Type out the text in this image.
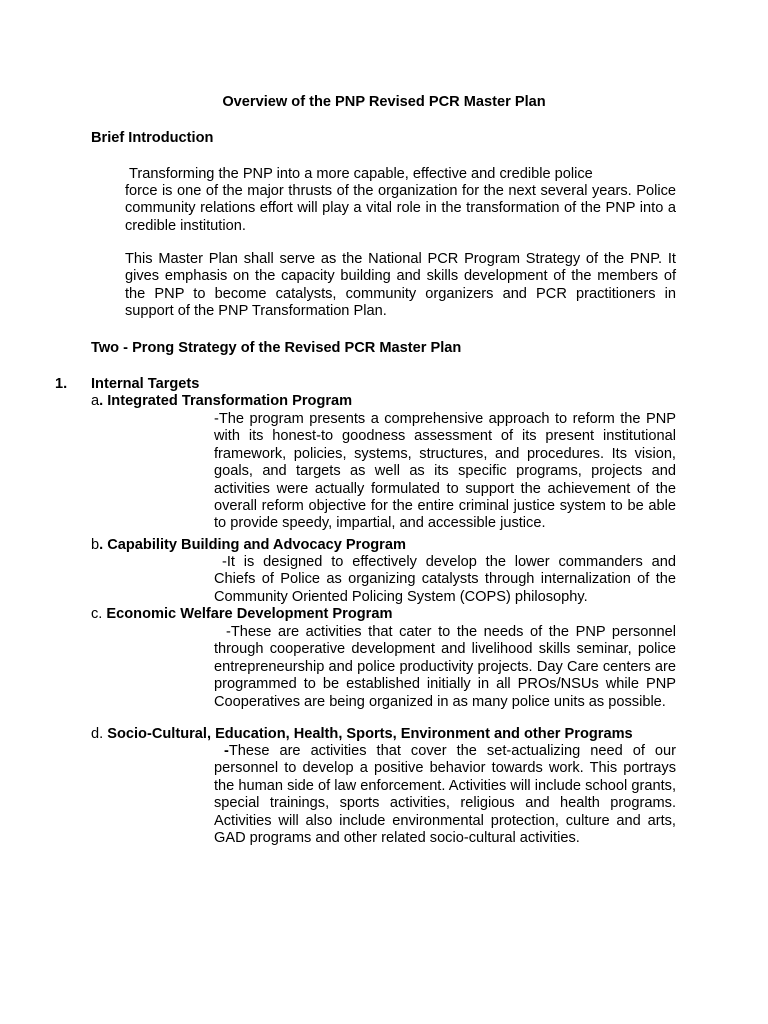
Overview of the PNP Revised PCR Master Plan
Brief Introduction
Transforming the PNP into a more capable, effective and credible police
force is one of the major thrusts of the organization for the next several years. Police community relations effort will play a vital role in the transformation of the PNP into a credible institution.
This Master Plan shall serve as the National PCR Program Strategy of the PNP. It gives emphasis on the capacity building and skills development of the members of the PNP to become catalysts, community organizers and PCR practitioners in support of the PNP Transformation Plan.
Two - Prong Strategy of the Revised PCR Master Plan
1. Internal Targets
a. Integrated Transformation Program
-The program presents a comprehensive approach to reform the PNP with its honest-to goodness assessment of its present institutional framework, policies, systems, structures, and procedures. Its vision, goals, and targets as well as its specific programs, projects and activities were actually formulated to support the achievement of the overall reform objective for the entire criminal justice system to be able to provide speedy, impartial, and accessible justice.
b. Capability Building and Advocacy Program
-It is designed to effectively develop the lower commanders and Chiefs of Police as organizing catalysts through internalization of the Community Oriented Policing System (COPS) philosophy.
c. Economic Welfare Development Program
-These are activities that cater to the needs of the PNP personnel through cooperative development and livelihood skills seminar, police entrepreneurship and police productivity projects. Day Care centers are programmed to be established initially in all PROs/NSUs while PNP Cooperatives are being organized in as many police units as possible.
d. Socio-Cultural, Education, Health, Sports, Environment and other Programs
-These are activities that cover the set-actualizing need of our personnel to develop a positive behavior towards work. This portrays the human side of law enforcement. Activities will include school grants, special trainings, sports activities, religious and health programs. Activities will also include environmental protection, culture and arts, GAD programs and other related socio-cultural activities.
